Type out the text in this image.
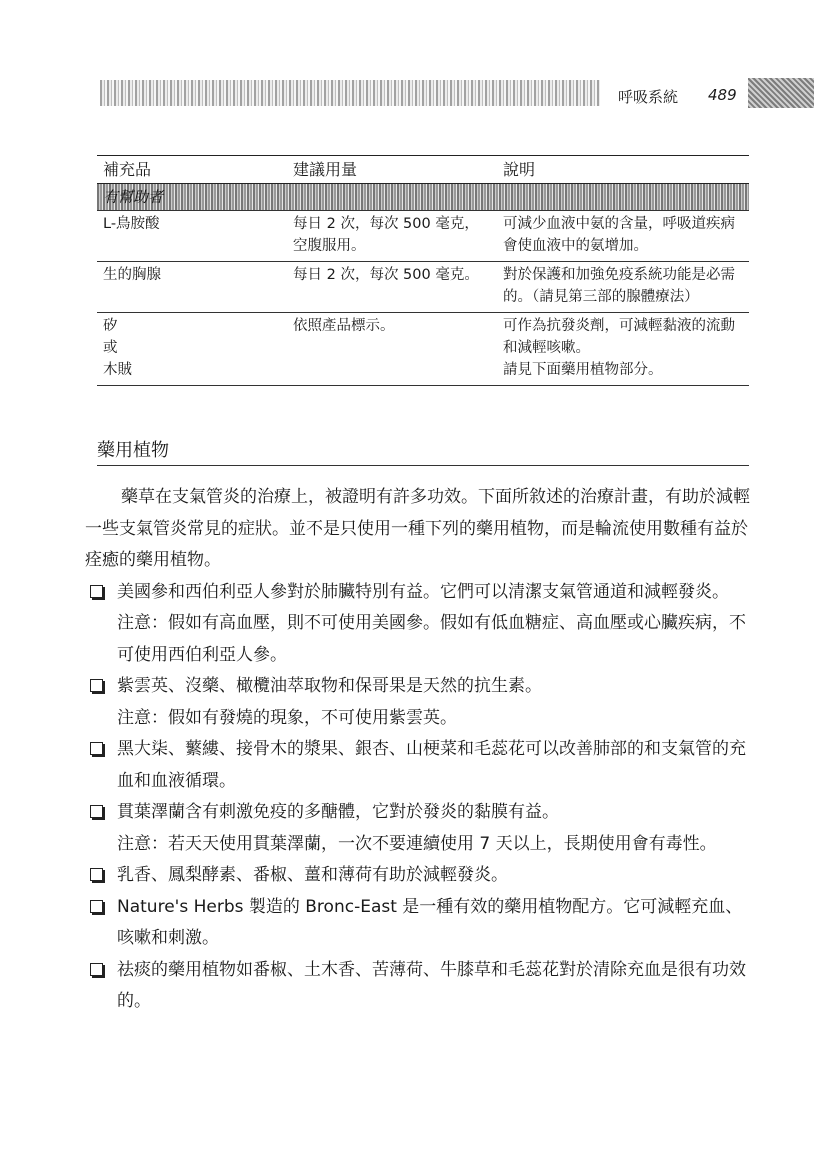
呼吸系統 489
補充品	建議用量	說明
有幫助者		
L-鳥胺酸	每日 2 次，每次 500 毫克，空腹服用。	可減少血液中氨的含量，呼吸道疾病會使血液中的氨增加。
生的胸腺	每日 2 次，每次 500 毫克。	對於保護和加強免疫系統功能是必需的。（請見第三部的腺體療法）

矽
或
木賊	依照產品標示。	可作為抗發炎劑，可減輕黏液的流動和減輕咳嗽。
請見下面藥用植物部分。
藥用植物

藥草在支氣管炎的治療上，被證明有許多功效。下面所敘述的治療計畫，有助於減輕一些支氣管炎常見的症狀。並不是只使用一種下列的藥用植物，而是輪流使用數種有益於痊癒的藥用植物。

美國參和西伯利亞人參對於肺臟特別有益。它們可以清潔支氣管通道和減輕發炎。

注意：假如有高血壓，則不可使用美國參。假如有低血糖症、高血壓或心臟疾病，不可使用西伯利亞人參。

紫雲英、沒藥、橄欖油萃取物和保哥果是天然的抗生素。

注意：假如有發燒的現象，不可使用紫雲英。

黑大柒、蘩縷、接骨木的漿果、銀杏、山梗菜和毛蕊花可以改善肺部的和支氣管的充血和血液循環。

貫葉澤蘭含有刺激免疫的多醣體，它對於發炎的黏膜有益。

注意：若天天使用貫葉澤蘭，一次不要連續使用 7 天以上，長期使用會有毒性。

乳香、鳳梨酵素、番椒、薑和薄荷有助於減輕發炎。

Nature's Herbs 製造的 Bronc-East 是一種有效的藥用植物配方。它可減輕充血、咳嗽和刺激。

祛痰的藥用植物如番椒、土木香、苦薄荷、牛膝草和毛蕊花對於清除充血是很有功效的。
